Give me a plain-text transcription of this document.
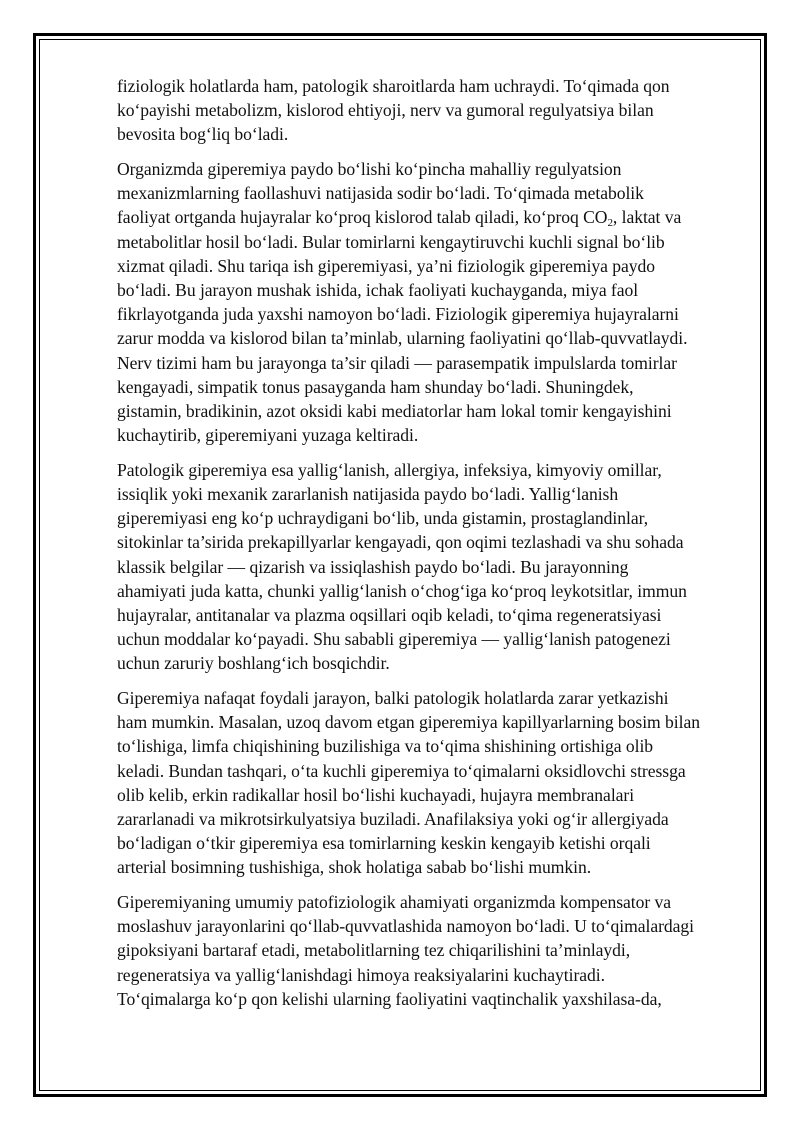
fiziologik holatlarda ham, patologik sharoitlarda ham uchraydi. To‘qimada qon
ko‘payishi metabolizm, kislorod ehtiyoji, nerv va gumoral regulyatsiya bilan
bevosita bog‘liq bo‘ladi.

Organizmda giperemiya paydo bo‘lishi ko‘pincha mahalliy regulyatsion
mexanizmlarning faollashuvi natijasida sodir bo‘ladi. To‘qimada metabolik
faoliyat ortganda hujayralar ko‘proq kislorod talab qiladi, ko‘proq $CO_2$, laktat va
metabolitlar hosil bo‘ladi. Bular tomirlarni kengaytiruvchi kuchli signal bo‘lib
xizmat qiladi. Shu tariqa ish giperemiyasi, ya’ni fiziologik giperemiya paydo
bo‘ladi. Bu jarayon mushak ishida, ichak faoliyati kuchayganda, miya faol
fikrlayotganda juda yaxshi namoyon bo‘ladi. Fiziologik giperemiya hujayralarni
zarur modda va kislorod bilan ta’minlab, ularning faoliyatini qo‘llab-quvvatlaydi.
Nerv tizimi ham bu jarayonga ta’sir qiladi — parasempatik impulslarda tomirlar
kengayadi, simpatik tonus pasayganda ham shunday bo‘ladi. Shuningdek,
gistamin, bradikinin, azot oksidi kabi mediatorlar ham lokal tomir kengayishini
kuchaytirib, giperemiyani yuzaga keltiradi.

Patologik giperemiya esa yallig‘lanish, allergiya, infeksiya, kimyoviy omillar,
issiqlik yoki mexanik zararlanish natijasida paydo bo‘ladi. Yallig‘lanish
giperemiyasi eng ko‘p uchraydigani bo‘lib, unda gistamin, prostaglandinlar,
sitokinlar ta’sirida prekapillyarlar kengayadi, qon oqimi tezlashadi va shu sohada
klassik belgilar — qizarish va issiqlashish paydo bo‘ladi. Bu jarayonning
ahamiyati juda katta, chunki yallig‘lanish o‘chog‘iga ko‘proq leykotsitlar, immun
hujayralar, antitanalar va plazma oqsillari oqib keladi, to‘qima regeneratsiyasi
uchun moddalar ko‘payadi. Shu sababli giperemiya — yallig‘lanish patogenezi
uchun zaruriy boshlang‘ich bosqichdir.

Giperemiya nafaqat foydali jarayon, balki patologik holatlarda zarar yetkazishi
ham mumkin. Masalan, uzoq davom etgan giperemiya kapillyarlarning bosim bilan
to‘lishiga, limfa chiqishining buzilishiga va to‘qima shishining ortishiga olib
keladi. Bundan tashqari, o‘ta kuchli giperemiya to‘qimalarni oksidlovchi stressga
olib kelib, erkin radikallar hosil bo‘lishi kuchayadi, hujayra membranalari
zararlanadi va mikrotsirkulyatsiya buziladi. Anafilaksiya yoki og‘ir allergiyada
bo‘ladigan o‘tkir giperemiya esa tomirlarning keskin kengayib ketishi orqali
arterial bosimning tushishiga, shok holatiga sabab bo‘lishi mumkin.

Giperemiyaning umumiy patofiziologik ahamiyati organizmda kompensator va
moslashuv jarayonlarini qo‘llab-quvvatlashida namoyon bo‘ladi. U to‘qimalardagi
gipoksiyani bartaraf etadi, metabolitlarning tez chiqarilishini ta’minlaydi,
regeneratsiya va yallig‘lanishdagi himoya reaksiyalarini kuchaytiradi.
To‘qimalarga ko‘p qon kelishi ularning faoliyatini vaqtinchalik yaxshilasa-da,
